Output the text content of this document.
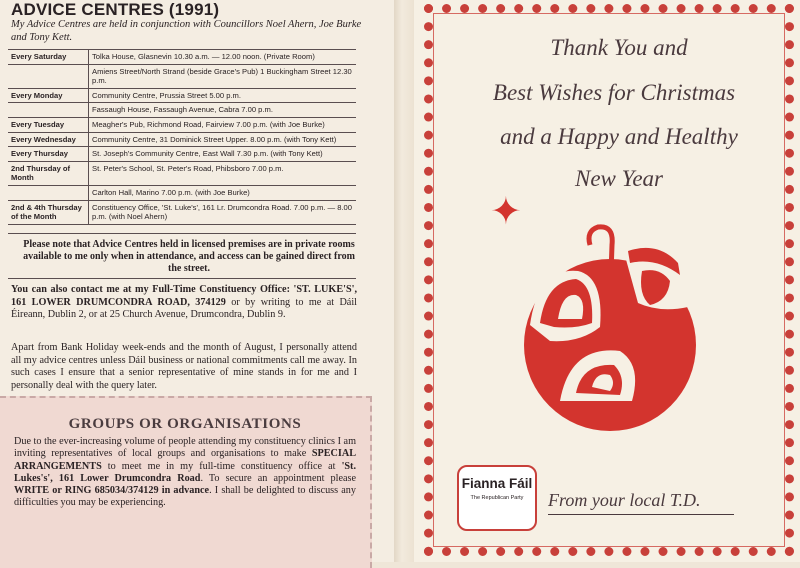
ADVICE CENTRES (1991)
My Advice Centres are held in conjunction with Councillors Noel Ahern, Joe Burke and Tony Kett.
Every Saturday	Tolka House, Glasnevin 10.30 a.m. — 12.00 noon. (Private Room)
	Amiens Street/North Strand (beside Grace's Pub) 1 Buckingham Street 12.30 p.m.
Every Monday	Community Centre, Prussia Street 5.00 p.m.
	Fassaugh House, Fassaugh Avenue, Cabra 7.00 p.m.
Every Tuesday	Meagher's Pub, Richmond Road, Fairview 7.00 p.m. (with Joe Burke)
Every Wednesday	Community Centre, 31 Dominick Street Upper. 8.00 p.m. (with Tony Kett)
Every Thursday	St. Joseph's Community Centre, East Wall 7.30 p.m. (with Tony Kett)
2nd Thursday of Month	St. Peter's School, St. Peter's Road, Phibsboro 7.00 p.m.
	Carlton Hall, Marino 7.00 p.m. (with Joe Burke)
2nd & 4th Thursday of the Month	Constituency Office, 'St. Luke's', 161 Lr. Drumcondra Road. 7.00 p.m. — 8.00 p.m. (with Noel Ahern)
Please note that Advice Centres held in licensed premises are in private rooms available to me only when in attendance, and access can be gained direct from the street.
You can also contact me at my Full-Time Constituency Office: 'ST. LUKE'S', 161 LOWER DRUMCONDRA ROAD, 374129 or by writing to me at Dáil Éireann, Dublin 2, or at 25 Church Avenue, Drumcondra, Dublin 9.
Apart from Bank Holiday week-ends and the month of August, I personally attend all my advice centres unless Dáil business or national commitments call me away. In such cases I ensure that a senior representative of mine stands in for me and I personally deal with the query later.
GROUPS OR ORGANISATIONS
Due to the ever-increasing volume of people attending my constituency clinics I am inviting representatives of local groups and organisations to make SPECIAL ARRANGEMENTS to meet me in my full-time constituency office at 'St. Lukes's', 161 Lower Drumcondra Road. To secure an appointment please WRITE or RING 685034/374129 in advance. I shall be delighted to discuss any difficulties you may be experiencing.
Thank You and
Best Wishes for Christmas
and a Happy and Healthy
New Year
✦
Fianna Fáil
The Republican Party	From your local T.D.
